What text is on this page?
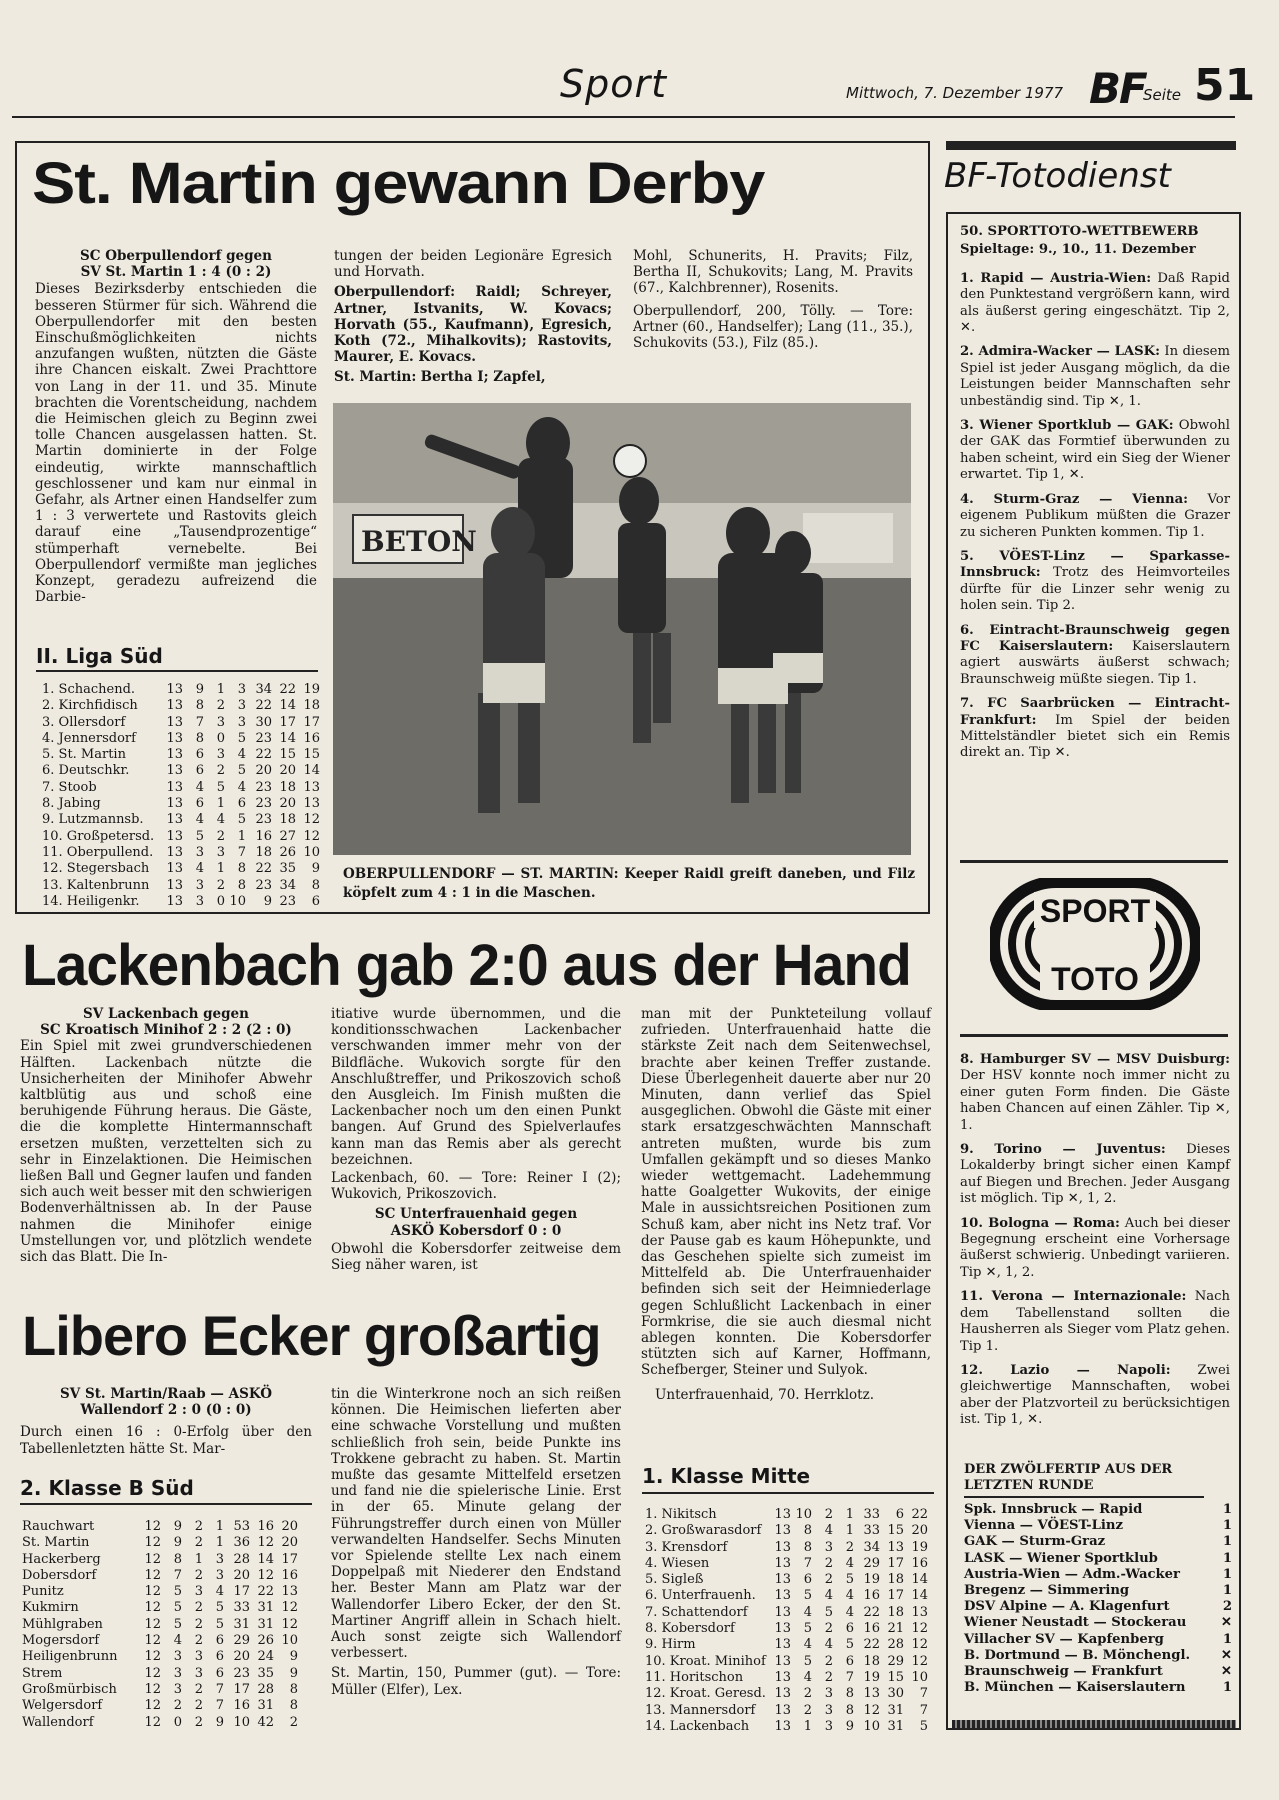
Sport	Mittwoch, 7. Dezember 1977 BF
Seite 51
St. Martin gewann Derby

SC Oberpullendorf gegen

SV St. Martin 1 : 4 (0 : 2)

Dieses Bezirksderby entschieden die besseren Stürmer für sich. Während die Oberpullendorfer mit den besten Einschußmöglichkeiten nichts anzufangen wußten, nützten die Gäste ihre Chancen eiskalt. Zwei Prachttore von Lang in der 11. und 35. Minute brachten die Vorentscheidung, nachdem die Heimischen gleich zu Beginn zwei tolle Chancen ausgelassen hatten. St. Martin dominierte in der Folge eindeutig, wirkte mannschaftlich geschlossener und kam nur einmal in Gefahr, als Artner einen Handselfer zum 1 : 3 verwertete und Rastovits gleich darauf eine „Tausendprozentige“ stümperhaft vernebelte. Bei Oberpullendorf vermißte man jegliches Konzept, geradezu aufreizend die Darbie-

tungen der beiden Legionäre Egresich und Horvath.

Oberpullendorf: Raidl; Schreyer, Artner, Istvanits, W. Kovacs; Horvath (55., Kaufmann), Egresich, Koth (72., Mihalkovits); Rastovits, Maurer, E. Kovacs.

St. Martin: Bertha I; Zapfel,

Mohl, Schunerits, H. Pravits; Filz, Bertha II, Schukovits; Lang, M. Pravits (67., Kalchbrenner), Rosenits.

Oberpullendorf, 200, Tölly. — Tore: Artner (60., Handselfer); Lang (11., 35.), Schukovits (53.), Filz (85.).

BETON
OBERPULLENDORF — ST. MARTIN: Keeper Raidl greift daneben, und Filz köpfelt zum 4 : 1 in die Maschen.
II. Liga Süd
1. Schachend.	13 9 1 3 34 22 19
2. Kirchfidisch	13 8 2 3 22 14 18
3. Ollersdorf	13 7 3 3 30 17 17
4. Jennersdorf	13 8 0 5 23 14 16
5. St. Martin	13 6 3 4 22 15 15
6. Deutschkr.	13 6 2 5 20 20 14
7. Stoob	13 4 5 4 23 18 13
8. Jabing	13 6 1 6 23 20 13
9. Lutzmannsb.	13 4 4 5 23 18 12
10. Großpetersd. 13 5 2 1 16 27 12
11. Oberpullend.	13 3 3 7 18 26 10
12. Stegersbach	13 4 1 8 22 35	9
13. Kaltenbrunn	13 3 2 8 23 34	8
14. Heiligenkr.	13 3 0 10	9 23	6
Lackenbach gab 2:0 aus der Hand

SV Lackenbach gegen

SC Kroatisch Minihof 2 : 2 (2 : 0)

Ein Spiel mit zwei grundverschiedenen Hälften. Lackenbach nützte die Unsicherheiten der Minihofer Abwehr kaltblütig aus und schoß eine beruhigende Führung heraus. Die Gäste, die die komplette Hintermannschaft ersetzen mußten, verzettelten sich zu sehr in Einzelaktionen. Die Heimischen ließen Ball und Gegner laufen und fanden sich auch weit besser mit den schwierigen Bodenverhältnissen ab. In der Pause nahmen die Minihofer einige Umstellungen vor, und plötzlich wendete sich das Blatt. Die In-

itiative wurde übernommen, und die konditionsschwachen Lackenbacher verschwanden immer mehr von der Bildfläche. Wukovich sorgte für den Anschlußtreffer, und Prikoszovich schoß den Ausgleich. Im Finish mußten die Lackenbacher noch um den einen Punkt bangen. Auf Grund des Spielverlaufes kann man das Remis aber als gerecht bezeichnen.

Lackenbach, 60. — Tore: Reiner I (2); Wukovich, Prikoszovich.

SC Unterfrauenhaid gegen

ASKÖ Kobersdorf 0 : 0

Obwohl die Kobersdorfer zeitweise dem Sieg näher waren, ist

man mit der Punkteteilung vollauf zufrieden. Unterfrauenhaid hatte die stärkste Zeit nach dem Seitenwechsel, brachte aber keinen Treffer zustande. Diese Überlegenheit dauerte aber nur 20 Minuten, dann verlief das Spiel ausgeglichen. Obwohl die Gäste mit einer stark ersatzgeschwächten Mannschaft antreten mußten, wurde bis zum Umfallen gekämpft und so dieses Manko wieder wettgemacht. Ladehemmung hatte Goalgetter Wukovits, der einige Male in aussichtsreichen Positionen zum Schuß kam, aber nicht ins Netz traf. Vor der Pause gab es kaum Höhepunkte, und das Geschehen spielte sich zumeist im Mittelfeld ab. Die Unterfrauenhaider befinden sich seit der Heimniederlage gegen Schlußlicht Lackenbach in einer Formkrise, die sie auch diesmal nicht ablegen konnten. Die Kobersdorfer stützten sich auf Karner, Hoffmann, Schefberger, Steiner und Sulyok.

Unterfrauenhaid, 70. Herrklotz.

Libero Ecker großartig

SV St. Martin/Raab — ASKÖ Wallendorf 2 : 0 (0 : 0)

Durch einen 16 : 0-Erfolg über den Tabellenletzten hätte St. Mar-

tin die Winterkrone noch an sich reißen können. Die Heimischen lieferten aber eine schwache Vorstellung und mußten schließlich froh sein, beide Punkte ins Trokkene gebracht zu haben. St. Martin mußte das gesamte Mittelfeld ersetzen und fand nie die spielerische Linie. Erst in der 65. Minute gelang der Führungstreffer durch einen von Müller verwandelten Handselfer. Sechs Minuten vor Spielende stellte Lex nach einem Doppelpaß mit Niederer den Endstand her. Bester Mann am Platz war der Wallendorfer Libero Ecker, der den St. Martiner Angriff allein in Schach hielt. Auch sonst zeigte sich Wallendorf verbessert.

St. Martin, 150, Pummer (gut). — Tore: Müller (Elfer), Lex.

2. Klasse B Süd
Rauchwart	12 9 2 1 53 16 20
St. Martin	12 9 2 1 36 12 20
Hackerberg	12 8 1 3 28 14 17
Dobersdorf	12 7 2 3 20 12 16
Punitz	12 5 3 4 17 22 13
Kukmirn	12 5 2 5 33 31 12
Mühlgraben	12 5 2 5 31 31 12
Mogersdorf	12 4 2 6 29 26 10
Heiligenbrunn	12 3 3 6 20 24	9
Strem	12 3 3 6 23 35	9
Großmürbisch	12 3 2 7 17 28	8
Welgersdorf	12 2 2 7 16 31	8
Wallendorf	12 0 2 9 10 42	2
1. Klasse Mitte
1. Nikitsch	13 10 2 1 33	6 22
2. Großwarasdorf	13 8 4 1 33 15 20
3. Krensdorf	13 8 3 2 34 13 19
4. Wiesen	13 7 2 4 29 17 16
5. Sigleß	13 6 2 5 19 18 14
6. Unterfrauenh.	13 5 4 4 16 17 14
7. Schattendorf	13 4 5 4 22 18 13
8. Kobersdorf	13 5 2 6 16 21 12
9. Hirm	13 4 4 5 22 28 12
10. Kroat. Minihof 13 5 2 6 18 29 12
11. Horitschon	13 4 2 7 19 15 10
12. Kroat. Geresd. 13 2 3 8 13 30	7
13. Mannersdorf	13 2 3 8 12 31	7
14. Lackenbach	13 1 3 9 10 31	5
BF-Totodienst

50. SPORTTOTO-WETTBEWERB

Spieltage: 9., 10., 11. Dezember

1. Rapid — Austria-Wien: Daß Rapid den Punktestand vergrößern kann, wird als äußerst gering eingeschätzt. Tip 2, ✕.

2. Admira-Wacker — LASK: In diesem Spiel ist jeder Ausgang möglich, da die Leistungen beider Mannschaften sehr unbeständig sind. Tip ✕, 1.

3. Wiener Sportklub — GAK: Obwohl der GAK das Formtief überwunden zu haben scheint, wird ein Sieg der Wiener erwartet. Tip 1, ✕.

4. Sturm-Graz — Vienna: Vor eigenem Publikum müßten die Grazer zu sicheren Punkten kommen. Tip 1.

5. VÖEST-Linz — Sparkasse-Innsbruck: Trotz des Heimvorteiles dürfte für die Linzer sehr wenig zu holen sein. Tip 2.

6. Eintracht-Braunschweig gegen FC Kaiserslautern: Kaiserslautern agiert auswärts äußerst schwach; Braunschweig müßte siegen. Tip 1.

7. FC Saarbrücken — Eintracht-Frankfurt: Im Spiel der beiden Mittelständler bietet sich ein Remis direkt an. Tip ✕.

SPORT
TOTO

8. Hamburger SV — MSV Duisburg: Der HSV konnte noch immer nicht zu einer guten Form finden. Die Gäste haben Chancen auf einen Zähler. Tip ✕, 1.

9. Torino — Juventus: Dieses Lokalderby bringt sicher einen Kampf auf Biegen und Brechen. Jeder Ausgang ist möglich. Tip ✕, 1, 2.

10. Bologna — Roma: Auch bei dieser Begegnung erscheint eine Vorhersage äußerst schwierig. Unbedingt variieren. Tip ✕, 1, 2.

11. Verona — Internazionale: Nach dem Tabellenstand sollten die Hausherren als Sieger vom Platz gehen. Tip 1.

12. Lazio — Napoli: Zwei gleichwertige Mannschaften, wobei aber der Platzvorteil zu berücksichtigen ist. Tip 1, ✕.

DER ZWÖLFERTIP AUS DER LETZTEN RUNDE

Spk. Innsbruck — Rapid	1
Vienna — VÖEST-Linz	1
GAK — Sturm-Graz	1
LASK — Wiener Sportklub	1
Austria-Wien — Adm.-Wacker	1
Bregenz — Simmering	1
DSV Alpine — A. Klagenfurt	2
Wiener Neustadt — Stockerau	✕
Villacher SV — Kapfenberg	1
B. Dortmund — B. Mönchengl. ✕
Braunschweig — Frankfurt	✕
B. München — Kaiserslautern	1
